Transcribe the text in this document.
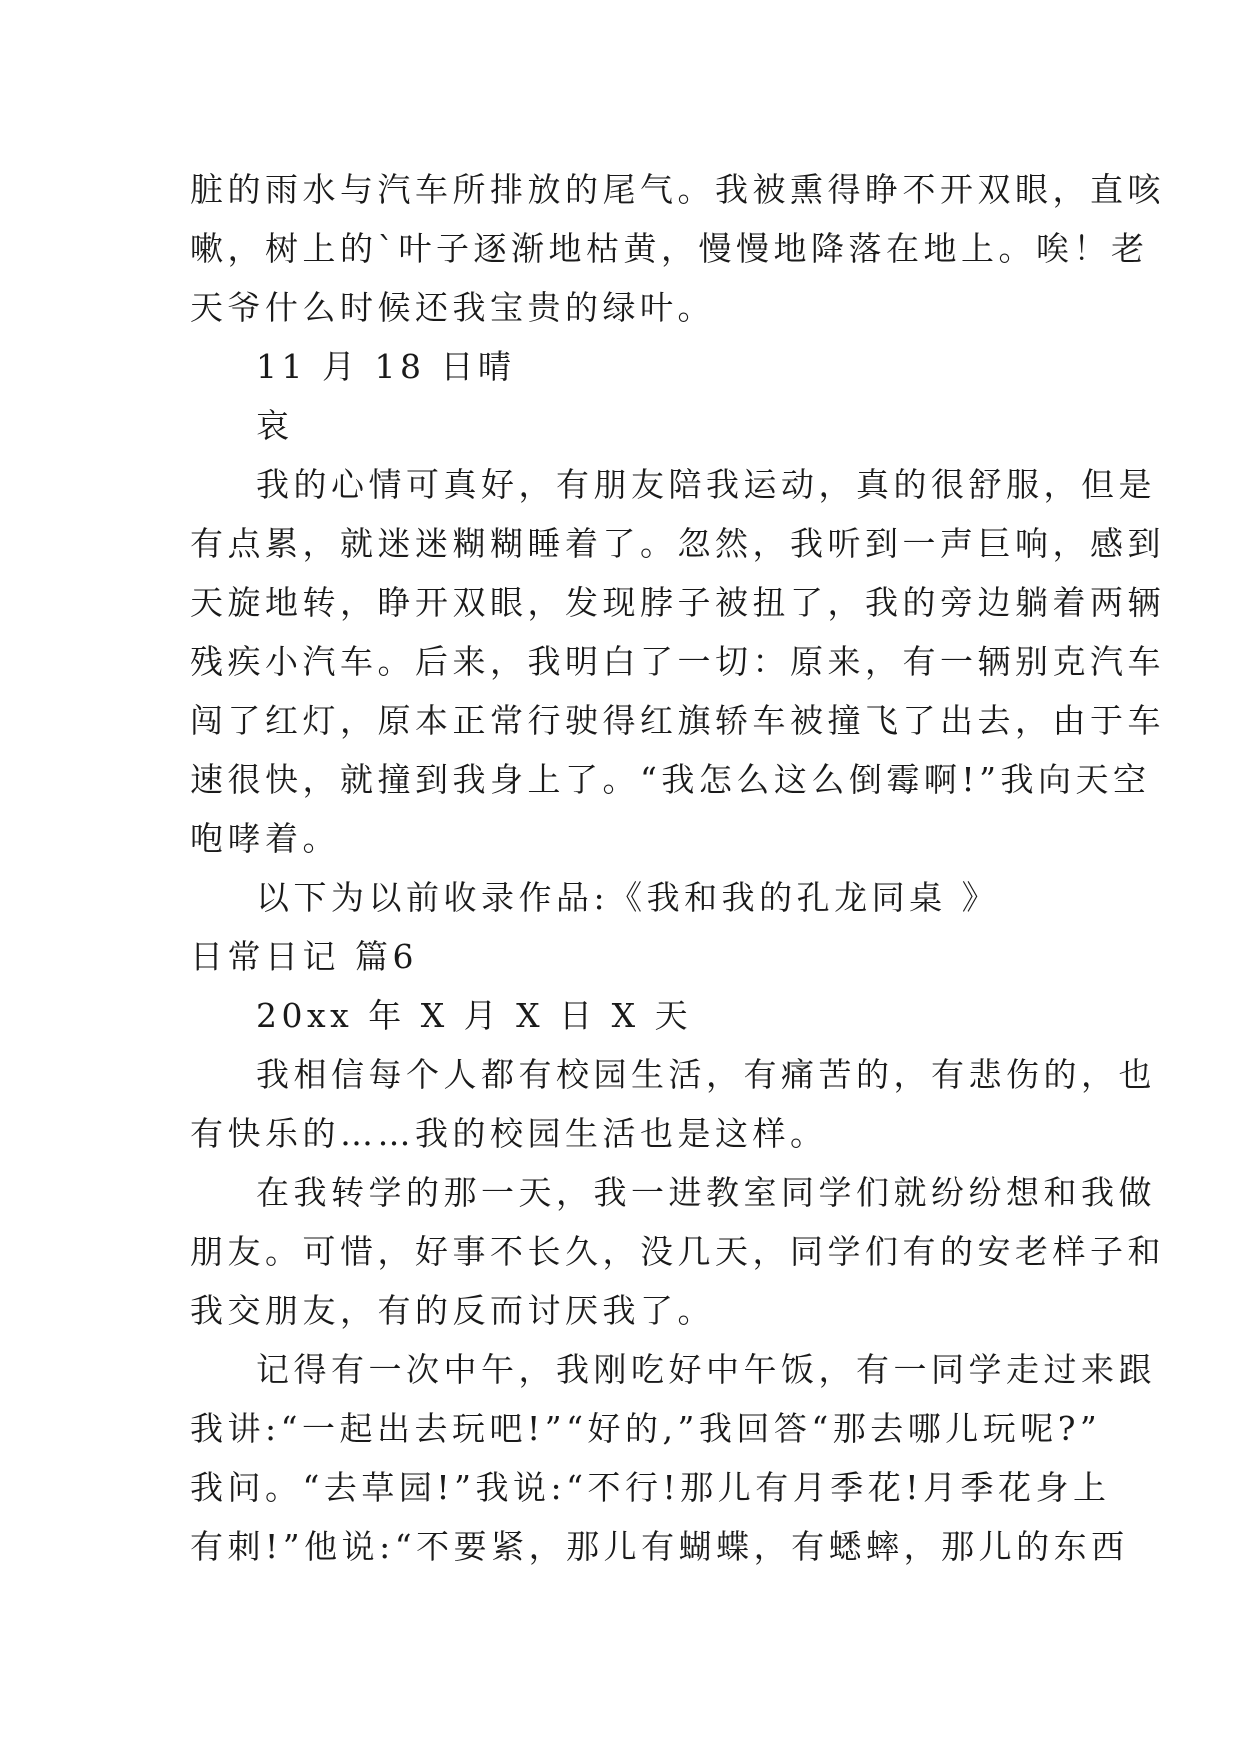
脏的雨水与汽车所排放的尾气。我被熏得睁不开双眼，直咳
嗽，树上的`叶子逐渐地枯黄，慢慢地降落在地上。唉！老
天爷什么时候还我宝贵的绿叶。
11 月 18 日晴
哀
我的心情可真好，有朋友陪我运动，真的很舒服，但是
有点累，就迷迷糊糊睡着了。忽然，我听到一声巨响，感到
天旋地转，睁开双眼，发现脖子被扭了，我的旁边躺着两辆
残疾小汽车。后来，我明白了一切：原来，有一辆别克汽车
闯了红灯，原本正常行驶得红旗轿车被撞飞了出去，由于车
速很快，就撞到我身上了。“我怎么这么倒霉啊!”我向天空
咆哮着。
以下为以前收录作品:《我和我的孔龙同桌 》
日常日记 篇6
20xx 年 X 月 X 日 X 天
我相信每个人都有校园生活，有痛苦的，有悲伤的，也
有快乐的……我的校园生活也是这样。
在我转学的那一天，我一进教室同学们就纷纷想和我做
朋友。可惜，好事不长久，没几天，同学们有的安老样子和
我交朋友，有的反而讨厌我了。
记得有一次中午，我刚吃好中午饭，有一同学走过来跟
我讲:“一起出去玩吧!”“好的,”我回答“那去哪儿玩呢?”
我问。“去草园!”我说:“不行!那儿有月季花!月季花身上
有刺!”他说:“不要紧，那儿有蝴蝶，有蟋蟀，那儿的东西
